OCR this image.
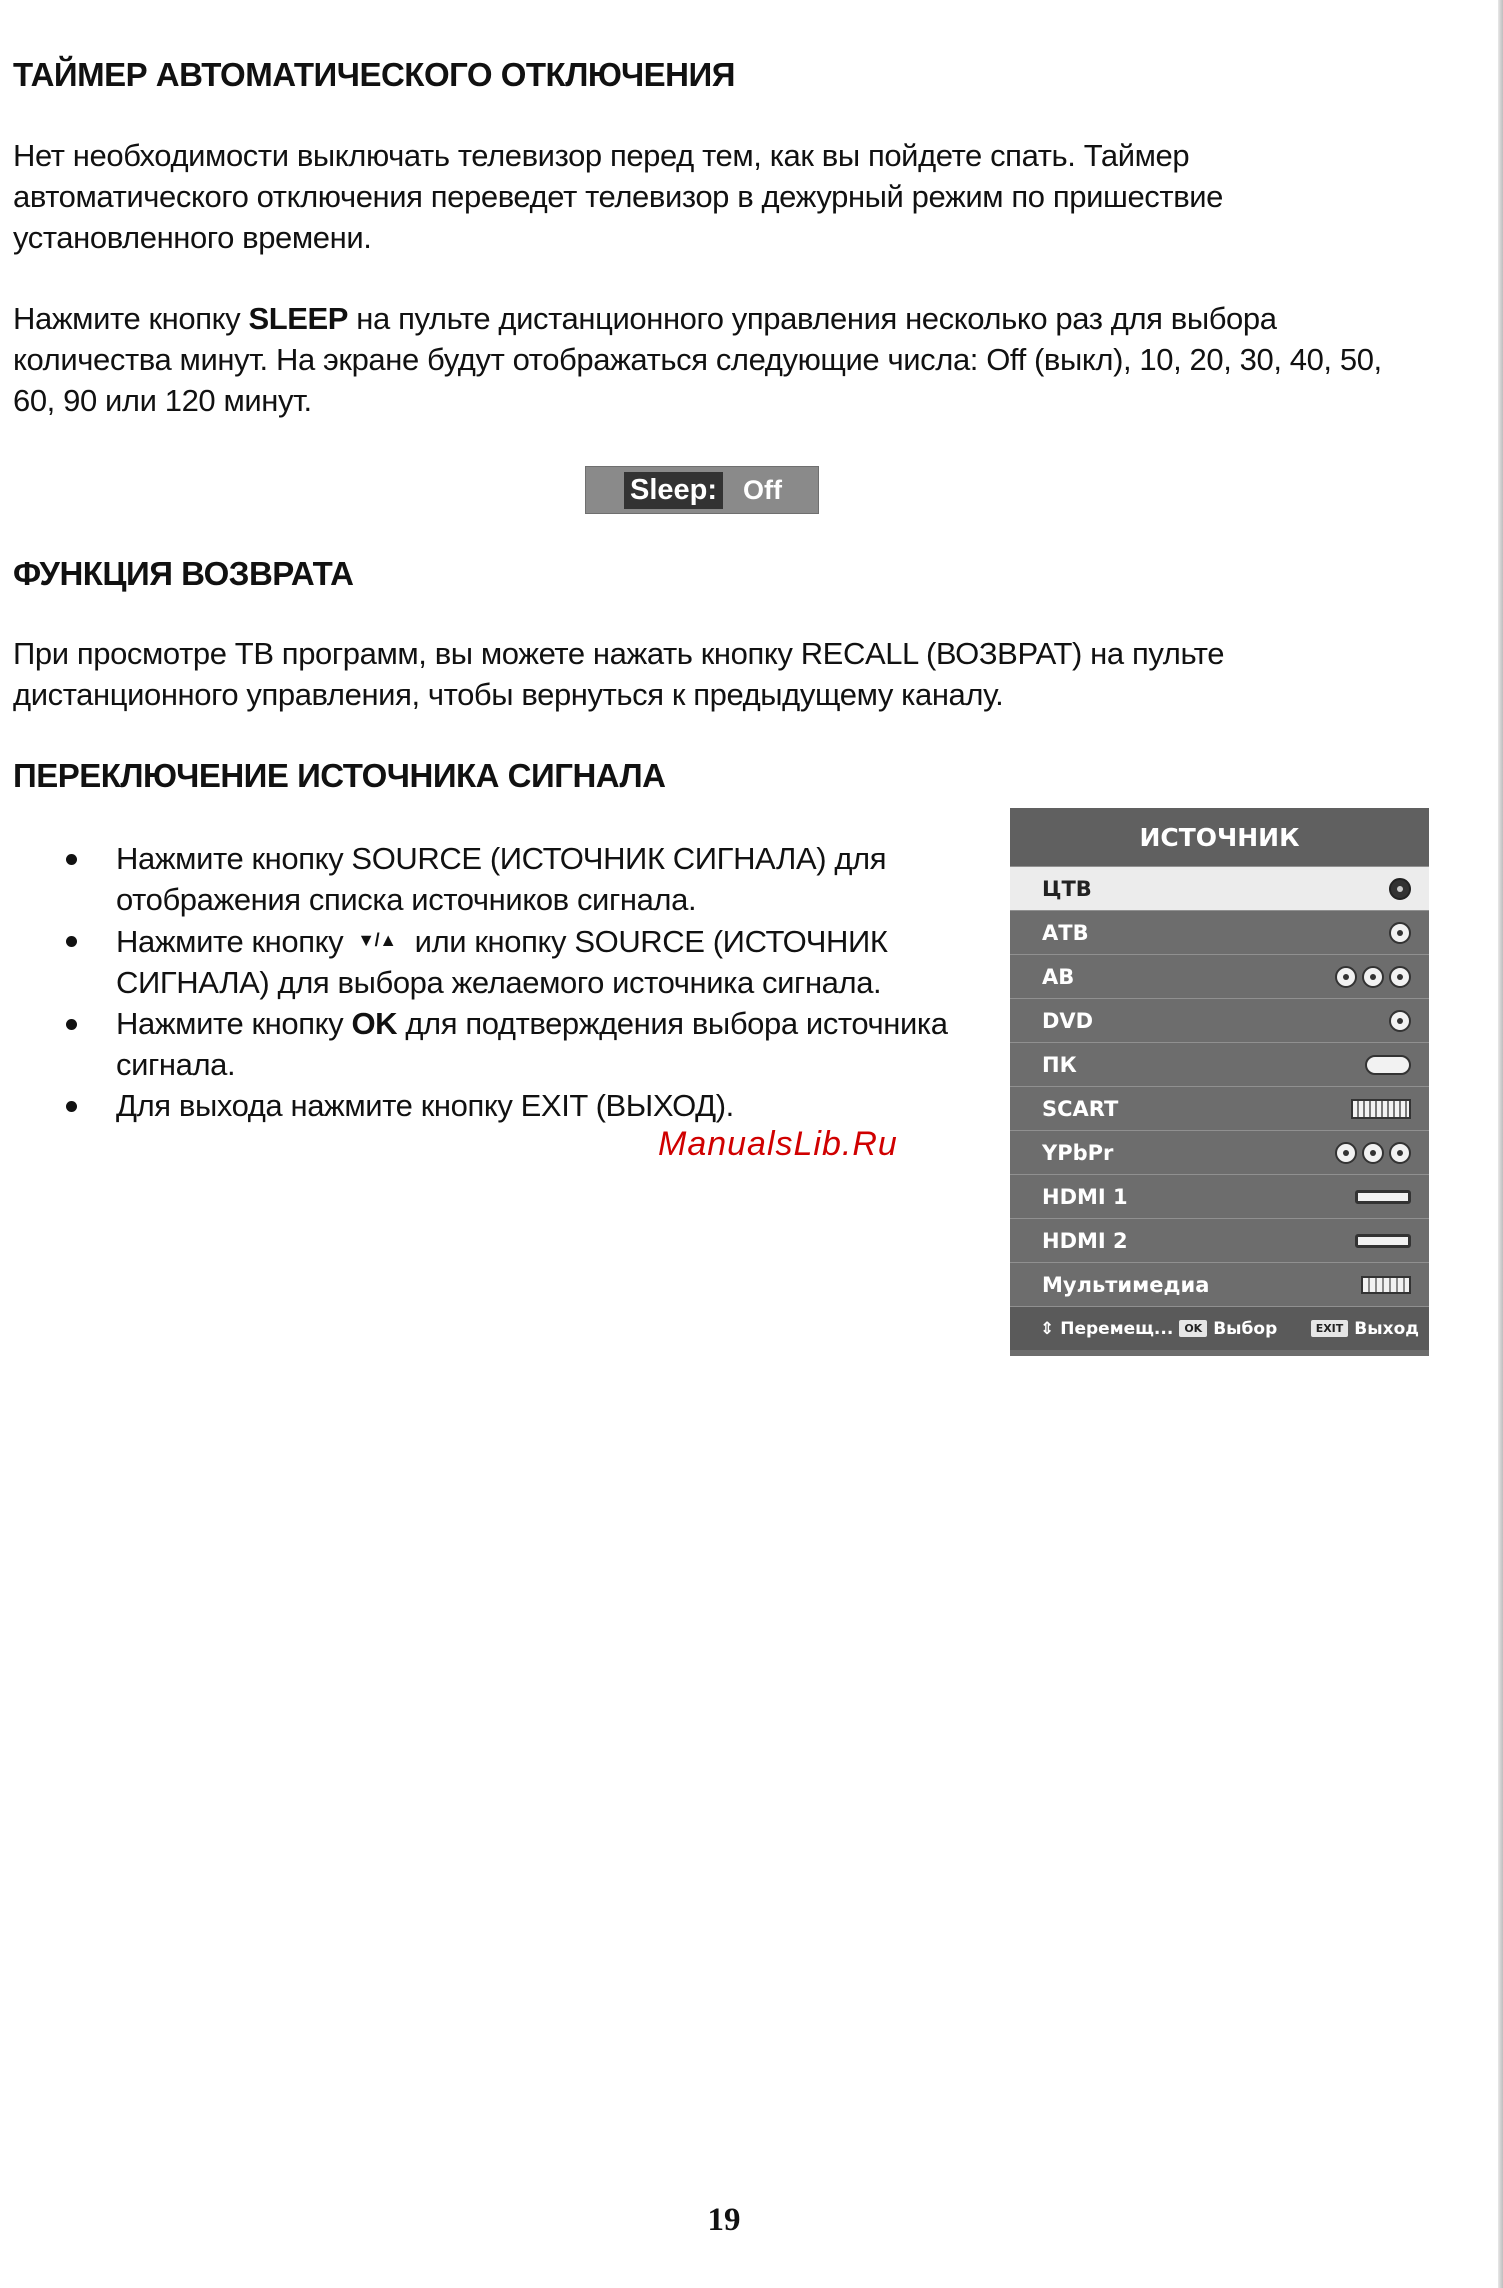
ТАЙМЕР АВТОМАТИЧЕСКОГО ОТКЛЮЧЕНИЯ

Нет необходимости выключать телевизор перед тем, как вы пойдете спать. Таймер автоматического отключения переведет телевизор в дежурный режим по пришествие установленного времени.

Нажмите кнопку SLEEP на пульте дистанционного управления несколько раз для выбора количества минут. На экране будут отображаться следующие числа: Off (выкл), 10, 20, 30, 40, 50, 60, 90 или 120 минут.

Sleep: Off
ФУНКЦИЯ ВОЗВРАТА

При просмотре ТВ программ, вы можете нажать кнопку RECALL (ВОЗВРАТ) на пульте дистанционного управления, чтобы вернуться к предыдущему каналу.

ПЕРЕКЛЮЧЕНИЕ ИСТОЧНИКА СИГНАЛА
Нажмите кнопку SOURCE (ИСТОЧНИК СИГНАЛА) для отображения списка источников сигнала.
Нажмите кнопку ▼/▲ или кнопку SOURCE (ИСТОЧНИК СИГНАЛА) для выбора желаемого источника сигнала.
Нажмите кнопку OK для подтверждения выбора источника сигнала.
Для выхода нажмите кнопку EXIT (ВЫХОД).
ManualsLib.Ru
ИСТОЧНИК
ЦТВ
АТВ
AB
DVD
ПК
SCART
YPbPr
HDMI 1
HDMI 2
Мультимедиа
⇕ Перемещ...	OK Выбор	EXIT Выход
19
